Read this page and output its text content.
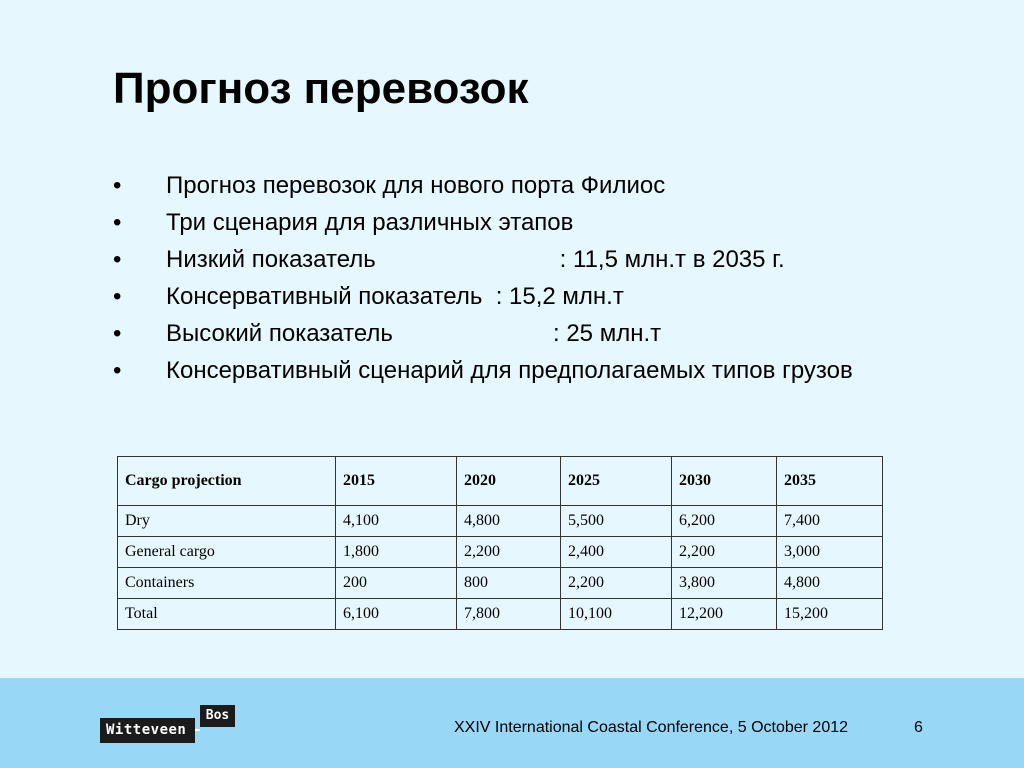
Прогноз перевозок
•	Прогноз перевозок для нового порта Филиос
•	Три сценария для различных этапов
•	Низкий показатель	: 11,5 млн.т в 2035 г.
•	Консервативный показатель  : 15,2 млн.т
•	Высокий показатель	: 25 млн.т
•	Консервативный сценарий для предполагаемых типов грузов
Cargo projection	2015	2020	2025	2030	2035
Dry	4,100	4,800	5,500	6,200	7,400
General cargo	1,800	2,200	2,400	2,200	3,000
Containers	200	800	2,200	3,800	4,800
Total	6,100	7,800	10,100	12,200	15,200
Witteveen
Bos
XXIV International Coastal Conference, 5 October 2012	6
